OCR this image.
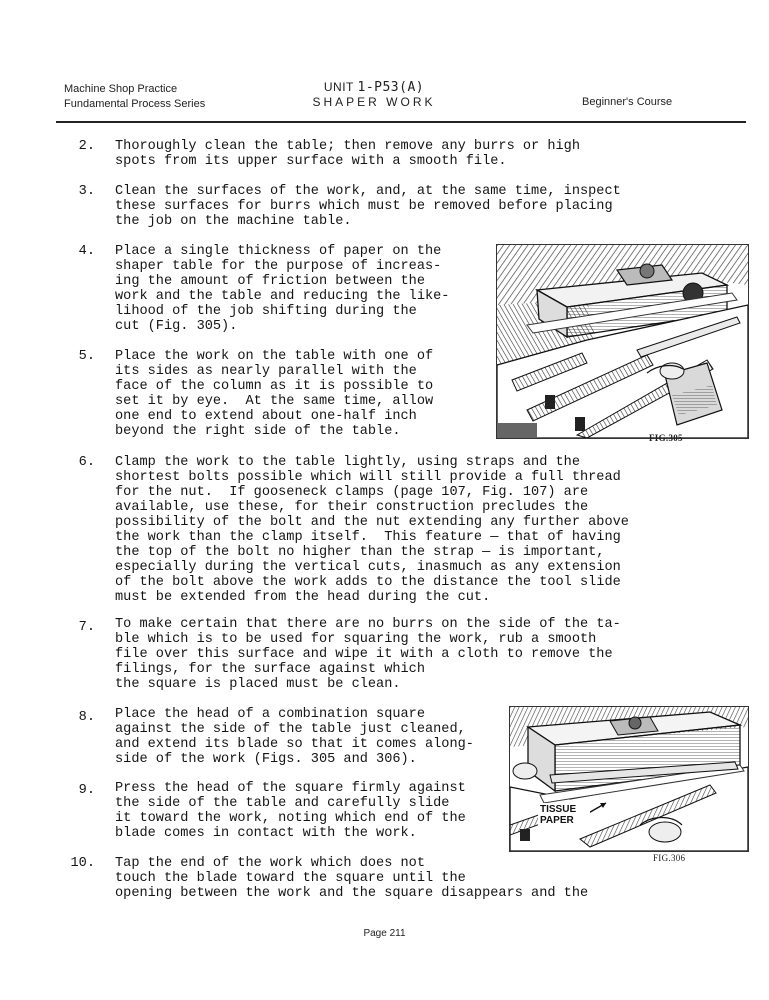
Machine Shop Practice
Fundamental Process Series
UNIT 1-P53(A)
SHAPER WORK	Beginner's Course
2. Thoroughly clean the table; then remove any burrs or high
spots from its upper surface with a smooth file.
3. Clean the surfaces of the work, and, at the same time, inspect
these surfaces for burrs which must be removed before placing
the job on the machine table.
4. Place a single thickness of paper on the
shaper table for the purpose of increas-
ing the amount of friction between the
work and the table and reducing the like-
lihood of the job shifting during the
cut (Fig. 305).
5. Place the work on the table with one of
its sides as nearly parallel with the
face of the column as it is possible to
set it by eye.  At the same time, allow
one end to extend about one-half inch
beyond the right side of the table.
6. Clamp the work to the table lightly, using straps and the
shortest bolts possible which will still provide a full thread
for the nut.  If gooseneck clamps (page 107, Fig. 107) are
available, use these, for their construction precludes the
possibility of the bolt and the nut extending any further above
the work than the clamp itself.  This feature — that of having
the top of the bolt no higher than the strap — is important,
especially during the vertical cuts, inasmuch as any extension
of the bolt above the work adds to the distance the tool slide
must be extended from the head during the cut.
7. To make certain that there are no burrs on the side of the ta-
ble which is to be used for squaring the work, rub a smooth
file over this surface and wipe it with a cloth to remove the
filings, for the surface against which
the square is placed must be clean.
8. Place the head of a combination square
against the side of the table just cleaned,
and extend its blade so that it comes along-
side of the work (Figs. 305 and 306).
9. Press the head of the square firmly against
the side of the table and carefully slide
it toward the work, noting which end of the
blade comes in contact with the work.
10. Tap the end of the work which does not
touch the blade toward the square until the
opening between the work and the square disappears and the
FIG.305
TISSUE
PAPER
FIG.306
Page 211
